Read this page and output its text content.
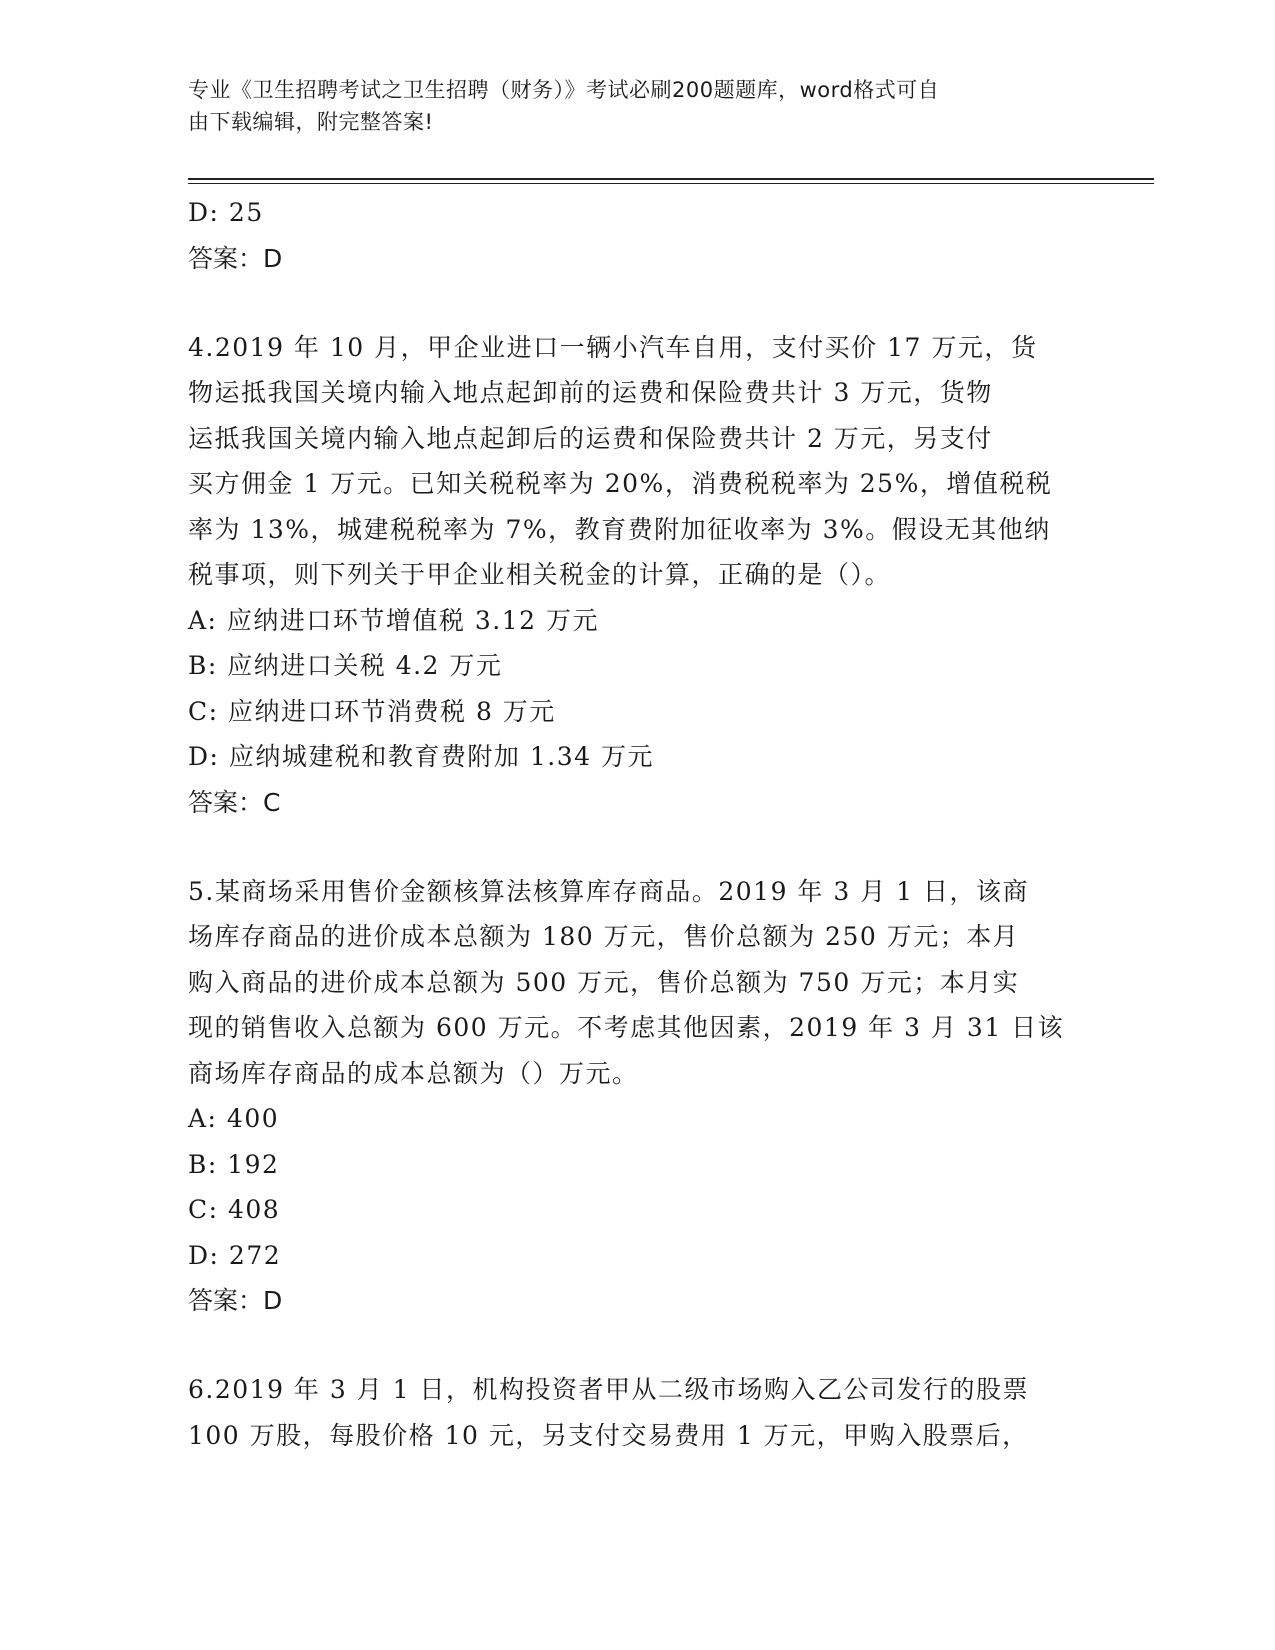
专业《卫生招聘考试之卫生招聘（财务）》考试必刷200题题库，word格式可自
由下载编辑，附完整答案!
D: 25
答案：D
4.2019 年 10 月，甲企业进口一辆小汽车自用，支付买价 17 万元，货
物运抵我国关境内输入地点起卸前的运费和保险费共计 3 万元，货物
运抵我国关境内输入地点起卸后的运费和保险费共计 2 万元，另支付
买方佣金 1 万元。已知关税税率为 20%，消费税税率为 25%，增值税税
率为 13%，城建税税率为 7%，教育费附加征收率为 3%。假设无其他纳
税事项，则下列关于甲企业相关税金的计算，正确的是（）。
A: 应纳进口环节增值税 3.12 万元
B: 应纳进口关税 4.2 万元
C: 应纳进口环节消费税 8 万元
D: 应纳城建税和教育费附加 1.34 万元
答案：C
5.某商场采用售价金额核算法核算库存商品。2019 年 3 月 1 日，该商
场库存商品的进价成本总额为 180 万元，售价总额为 250 万元；本月
购入商品的进价成本总额为 500 万元，售价总额为 750 万元；本月实
现的销售收入总额为 600 万元。不考虑其他因素，2019 年 3 月 31 日该
商场库存商品的成本总额为（）万元。
A: 400
B: 192
C: 408
D: 272
答案：D
6.2019 年 3 月 1 日，机构投资者甲从二级市场购入乙公司发行的股票
100 万股，每股价格 10 元，另支付交易费用 1 万元，甲购入股票后，
